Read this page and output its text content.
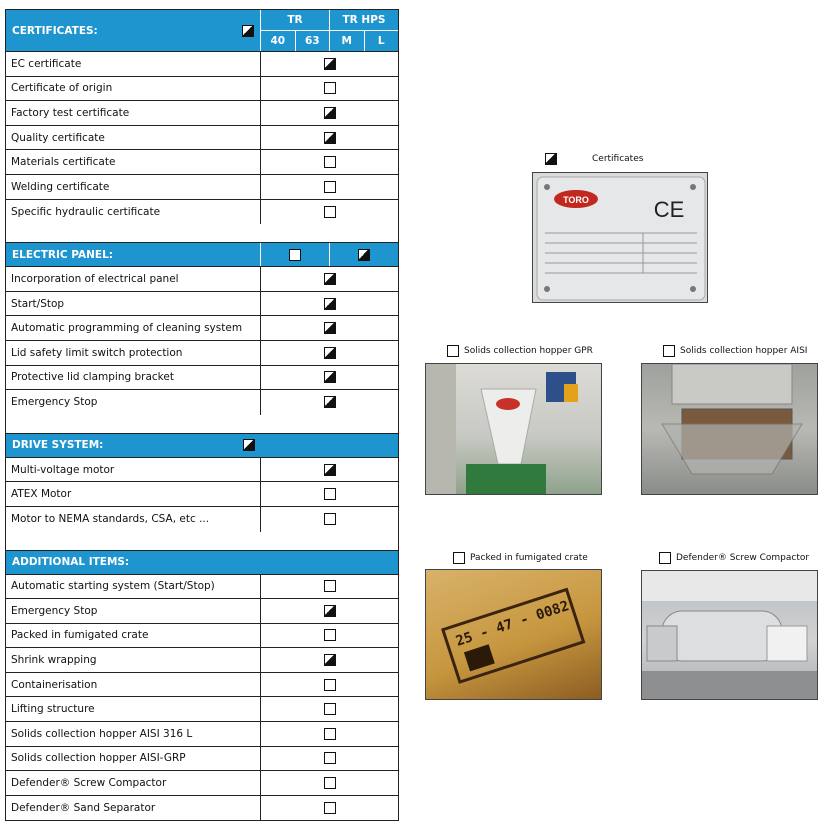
CERTIFICATES:
TR	TR HPS
40	63	M	L
EC certificate
Certificate of origin
Factory test certificate
Quality certificate
Materials certificate
Welding certificate
Specific hydraulic certificate
ELECTRIC PANEL:
Incorporation of electrical panel
Start/Stop
Automatic programming of cleaning system
Lid safety limit switch protection
Protective lid clamping bracket
Emergency Stop
DRIVE SYSTEM:
Multi-voltage motor
ATEX Motor
Motor to NEMA standards, CSA, etc ...
ADDITIONAL ITEMS:
Automatic starting system (Start/Stop)
Emergency Stop
Packed in fumigated crate
Shrink wrapping
Containerisation
Lifting structure
Solids collection hopper AISI 316 L
Solids collection hopper AISI-GRP
Defender® Screw Compactor
Defender® Sand Separator
Certificates
TORO	CE
Solids collection hopper GPR	Solids collection hopper AISI
Packed in fumigated crate
25 - 47 - 0082
Defender® Screw Compactor
